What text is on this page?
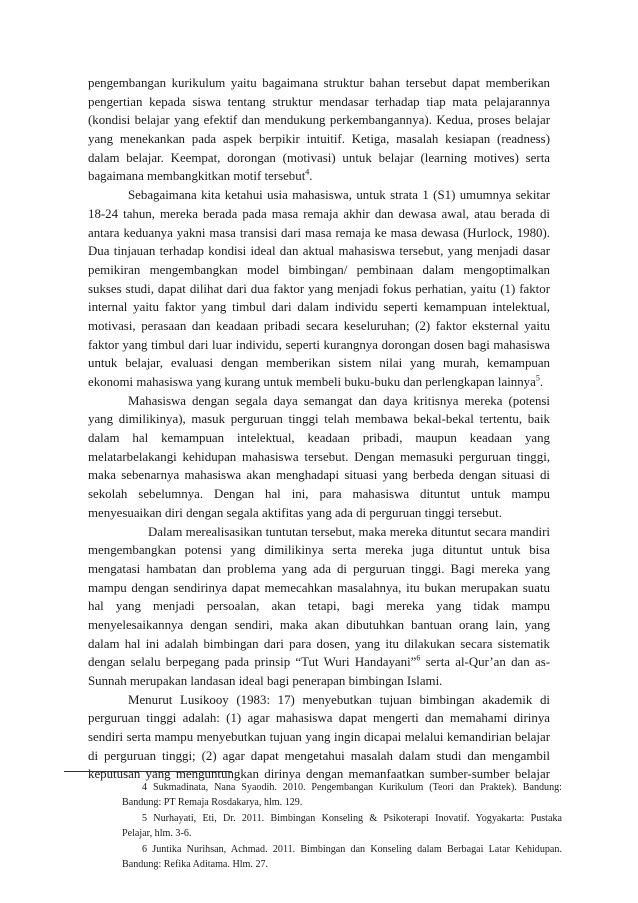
pengembangan kurikulum yaitu bagaimana struktur bahan tersebut dapat memberikan
pengertian kepada siswa tentang struktur mendasar terhadap tiap mata pelajarannya
(kondisi belajar yang efektif dan mendukung perkembangannya). Kedua, proses belajar
yang menekankan pada aspek berpikir intuitif. Ketiga, masalah kesiapan (readness)
dalam belajar. Keempat, dorongan (motivasi) untuk belajar (learning motives) serta
bagaimana membangkitkan motif tersebut$^4$.
Sebagaimana kita ketahui usia mahasiswa, untuk strata 1 (S1) umumnya sekitar
18-24 tahun, mereka berada pada masa remaja akhir dan dewasa awal, atau berada di
antara keduanya yakni masa transisi dari masa remaja ke masa dewasa (Hurlock, 1980).
Dua tinjauan terhadap kondisi ideal dan aktual mahasiswa tersebut, yang menjadi dasar
pemikiran mengembangkan model bimbingan/ pembinaan dalam mengoptimalkan
sukses studi, dapat dilihat dari dua faktor yang menjadi fokus perhatian, yaitu (1) faktor
internal yaitu faktor yang timbul dari dalam individu seperti kemampuan intelektual,
motivasi, perasaan dan keadaan pribadi secara keseluruhan; (2) faktor eksternal yaitu
faktor yang timbul dari luar individu, seperti kurangnya dorongan dosen bagi mahasiswa
untuk belajar, evaluasi dengan memberikan sistem nilai yang murah, kemampuan
ekonomi mahasiswa yang kurang untuk membeli buku-buku dan perlengkapan lainnya$^5$.
Mahasiswa dengan segala daya semangat dan daya kritisnya mereka (potensi
yang dimilikinya), masuk perguruan tinggi telah membawa bekal-bekal tertentu, baik
dalam hal kemampuan intelektual, keadaan pribadi, maupun keadaan yang
melatarbelakangi kehidupan mahasiswa tersebut. Dengan memasuki perguruan tinggi,
maka sebenarnya mahasiswa akan menghadapi situasi yang berbeda dengan situasi di
sekolah sebelumnya. Dengan hal ini, para mahasiswa dituntut untuk mampu
menyesuaikan diri dengan segala aktifitas yang ada di perguruan tinggi tersebut.
Dalam merealisasikan tuntutan tersebut, maka mereka dituntut secara mandiri
mengembangkan potensi yang dimilikinya serta mereka juga dituntut untuk bisa
mengatasi hambatan dan problema yang ada di perguruan tinggi. Bagi mereka yang
mampu dengan sendirinya dapat memecahkan masalahnya, itu bukan merupakan suatu
hal yang menjadi persoalan, akan tetapi, bagi mereka yang tidak mampu
menyelesaikannya dengan sendiri, maka akan dibutuhkan bantuan orang lain, yang
dalam hal ini adalah bimbingan dari para dosen, yang itu dilakukan secara sistematik
dengan selalu berpegang pada prinsip “Tut Wuri Handayani”$^6$ serta al-Qur’an dan as-
Sunnah merupakan landasan ideal bagi penerapan bimbingan Islami.
Menurut Lusikooy (1983: 17) menyebutkan tujuan bimbingan akademik di
perguruan tinggi adalah: (1) agar mahasiswa dapat mengerti dan memahami dirinya
sendiri serta mampu menyebutkan tujuan yang ingin dicapai melalui kemandirian belajar
di perguruan tinggi; (2) agar dapat mengetahui masalah dalam studi dan mengambil
keputusan yang menguntungkan dirinya dengan memanfaatkan sumber-sumber belajar
4 Sukmadinata, Nana Syaodih. 2010. Pengembangan Kurikulum (Teori dan Praktek). Bandung:
Bandung: PT Remaja Rosdakarya, hlm. 129.
5 Nurhayati, Eti, Dr. 2011. Bimbingan Konseling & Psikoterapi Inovatif. Yogyakarta: Pustaka
Pelajar, hlm. 3-6.
6 Juntika Nurihsan, Achmad. 2011. Bimbingan dan Konseling dalam Berbagai Latar Kehidupan.
Bandung: Refika Aditama. Hlm. 27.
